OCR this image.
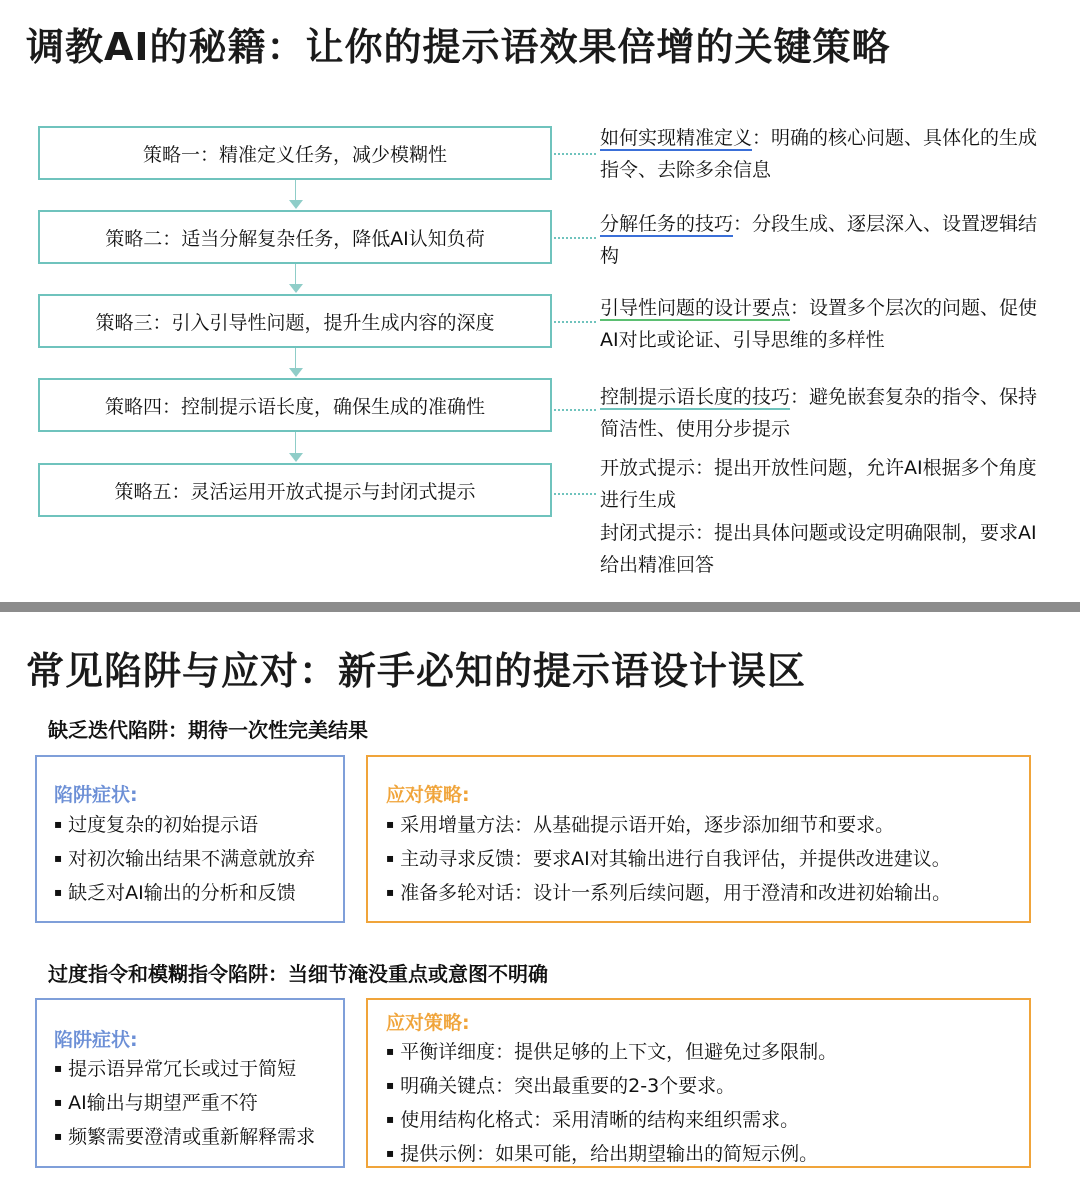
调教AI的秘籍：让你的提示语效果倍增的关键策略
策略一：精准定义任务，减少模糊性
策略二：适当分解复杂任务，降低AI认知负荷
策略三：引入引导性问题，提升生成内容的深度
策略四：控制提示语长度，确保生成的准确性
策略五：灵活运用开放式提示与封闭式提示
如何实现精准定义：明确的核心问题、具体化的生成指令、去除多余信息
分解任务的技巧：分段生成、逐层深入、设置逻辑结构
引导性问题的设计要点：设置多个层次的问题、促使AI对比或论证、引导思维的多样性
控制提示语长度的技巧：避免嵌套复杂的指令、保持简洁性、使用分步提示
开放式提示：提出开放性问题，允许AI根据多个角度进行生成
封闭式提示：提出具体问题或设定明确限制，要求AI给出精准回答
常见陷阱与应对：新手必知的提示语设计误区
缺乏迭代陷阱：期待一次性完美结果
陷阱症状:
▪ 过度复杂的初始提示语
▪ 对初次输出结果不满意就放弃
▪ 缺乏对AI输出的分析和反馈
应对策略:
▪ 采用增量方法：从基础提示语开始，逐步添加细节和要求。
▪ 主动寻求反馈：要求AI对其输出进行自我评估，并提供改进建议。
▪ 准备多轮对话：设计一系列后续问题，用于澄清和改进初始输出。
过度指令和模糊指令陷阱：当细节淹没重点或意图不明确
陷阱症状:
▪ 提示语异常冗长或过于简短
▪ AI输出与期望严重不符
▪ 频繁需要澄清或重新解释需求
应对策略:
▪ 平衡详细度：提供足够的上下文，但避免过多限制。
▪ 明确关键点：突出最重要的2-3个要求。
▪ 使用结构化格式：采用清晰的结构来组织需求。
▪ 提供示例：如果可能，给出期望输出的简短示例。
